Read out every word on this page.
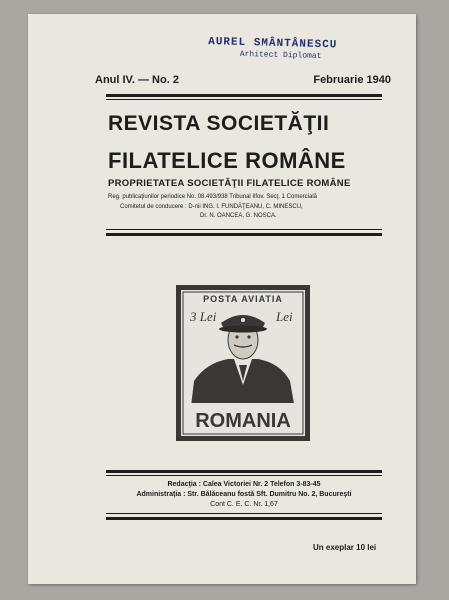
AUREL SMÂNTÂNESCU
Arhitect Diplomat
Anul IV. — No. 2	Februarie 1940
REVISTA SOCIETĂŢII
FILATELICE ROMÂNE
PROPRIETATEA SOCIETĂŢII FILATELICE ROMÂNE
Reg. publicaţiunilor periodice No. 08.493/938 Tribunal Ilfov. Secţ. 1 Comercială
Comitetul de conducere : D-nii ING. I. FUNDĂŢEANU, C. MINESCU,
Dr. N. OANCEA, G. NOSCA.
POSTA AVIATIA
3 Lei	Lei
ROMANIA
Redacţia : Calea Victoriei Nr. 2 Telefon 3-83-45
Administraţia : Str. Bălăceanu fostă Sft. Dumitru No. 2, Bucureşti
Cont C. E. C. Nr. 1,67
Un exeplar 10 lei
